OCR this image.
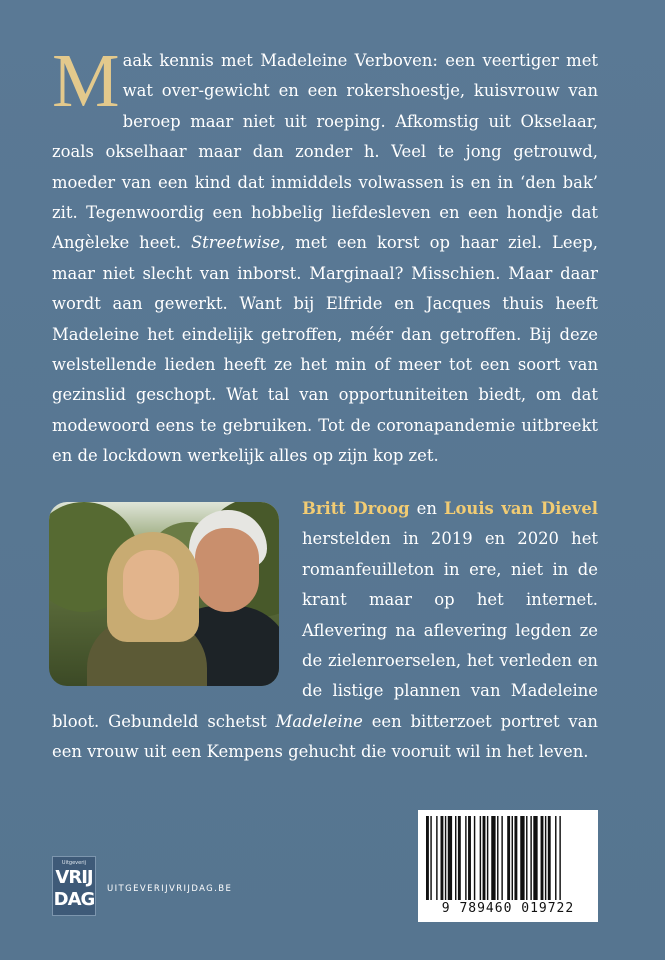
Maak kennis met Madeleine Verboven: een veertiger met wat over-gewicht en een rokershoestje, kuisvrouw van beroep maar niet uit roeping. Afkomstig uit Okselaar, zoals okselhaar maar dan zonder h. Veel te jong getrouwd, moeder van een kind dat inmiddels volwassen is en in ‘den bak’ zit. Tegenwoordig een hobbelig liefdesleven en een hondje dat Angèleke heet. Streetwise, met een korst op haar ziel. Leep, maar niet slecht van inborst. Marginaal? Misschien. Maar daar wordt aan gewerkt. Want bij Elfride en Jacques thuis heeft Madeleine het eindelijk getroffen, méér dan getroffen. Bij deze welstellende lieden heeft ze het min of meer tot een soort van gezinslid geschopt. Wat tal van opportuniteiten biedt, om dat modewoord eens te gebruiken. Tot de coronapandemie uitbreekt en de lockdown werkelijk alles op zijn kop zet.

Britt Droog en Louis van Dievel herstelden in 2019 en 2020 het romanfeuilleton in ere, niet in de krant maar op het internet. Aflevering na aflevering legden ze de zielenroerselen, het verleden en de listige plannen van Madeleine bloot. Gebundeld schetst Madeleine een bitterzoet portret van een vrouw uit een Kempens gehucht die vooruit wil in het leven.

Uitgeverij
VRIJ
DAG UITGEVERIJVRIJDAG.BE
9 789460 019722
